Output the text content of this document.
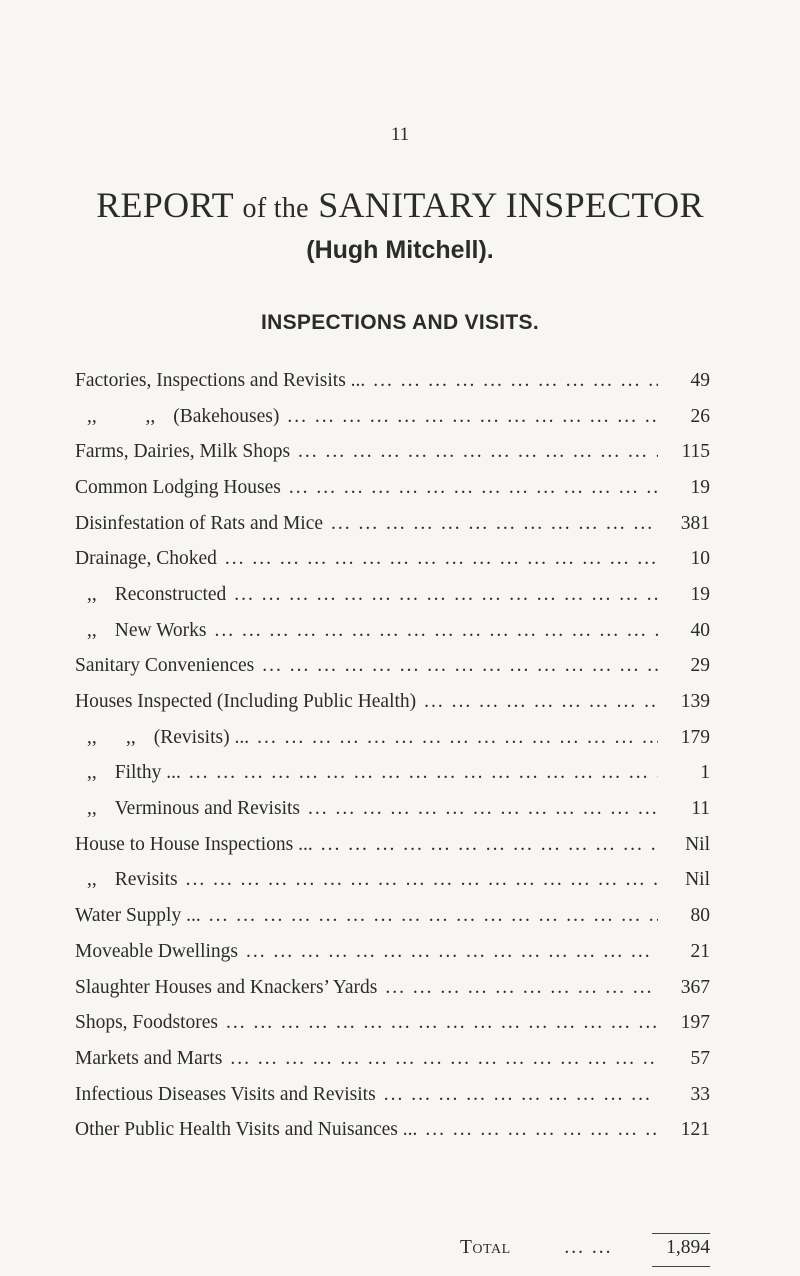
11
REPORT of the SANITARY INSPECTOR
(Hugh Mitchell).
INSPECTIONS AND VISITS.
Factories, Inspections and Revisits ... ... .	49
,,          ,, (Bakehouses) ... .	26
Farms, Dairies, Milk Shops ... .	115
Common Lodging Houses ... .	19
Disinfestation of Rats and Mice ... .	381
Drainage, Choked ... .	10
,, Reconstructed ... .	19
,, New Works ... .	40
Sanitary Conveniences ... .	29
Houses Inspected (Including Public Health) ... .	139
,,      ,, (Revisits) ... ... .	179
,, Filthy ... ... .	1
,, Verminous and Revisits ... .	11
House to House Inspections ... ... .	Nil
,, Revisits ... .	Nil
Water Supply ... ... .	80
Moveable Dwellings ... .	21
Slaughter Houses and Knackers’ Yards ... .	367
Shops, Foodstores ... .	197
Markets and Marts ... .	57
Infectious Diseases Visits and Revisits ... .	33
Other Public Health Visits and Nuisances ... ... .	121
Total	... ...	1,894
